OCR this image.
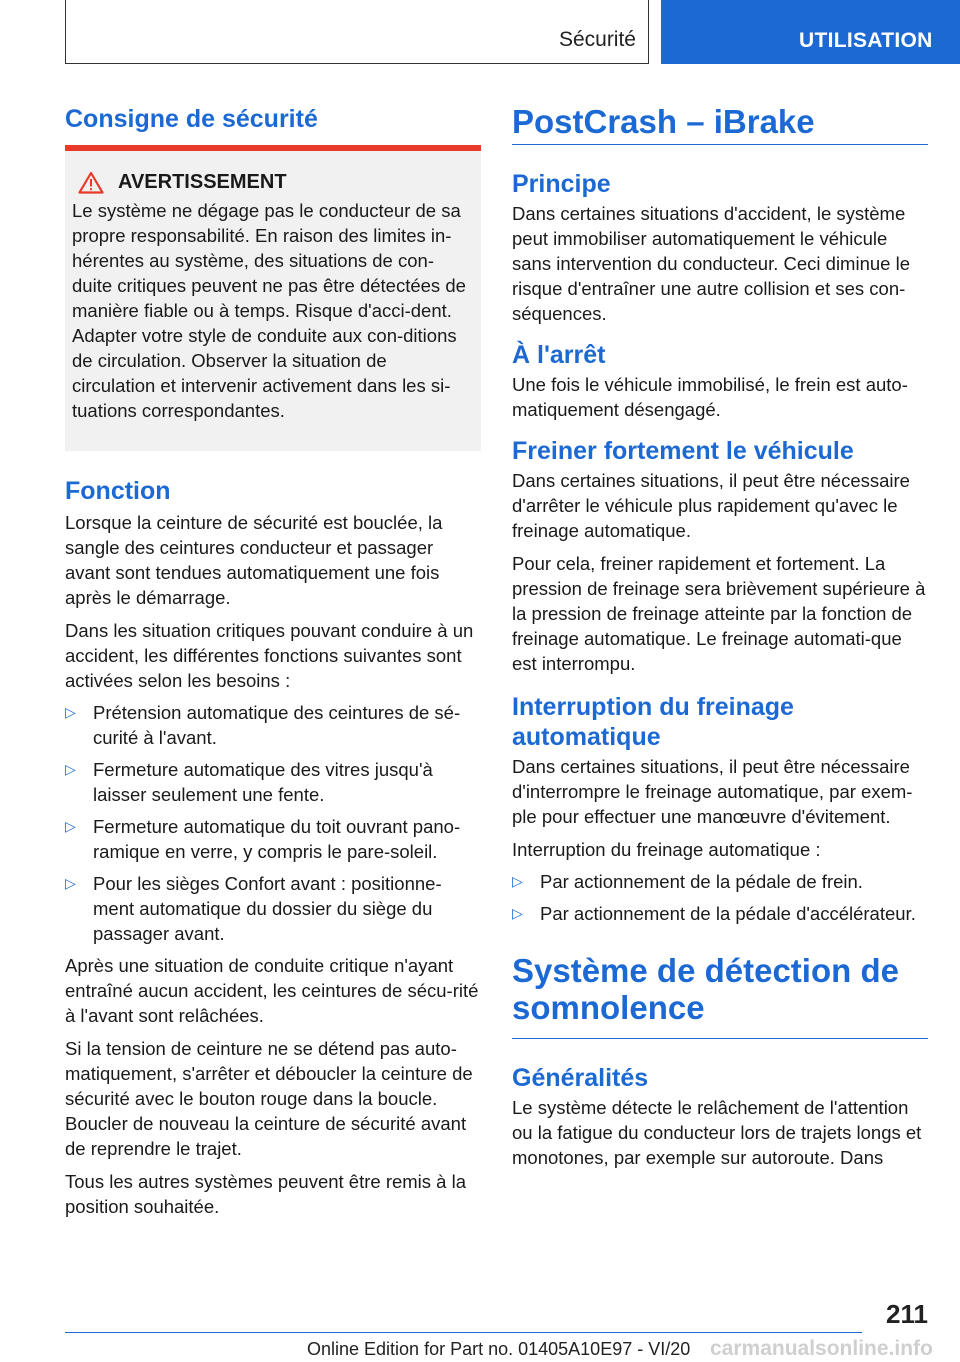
Sécurité	UTILISATION
Consigne de sécurité
AVERTISSEMENT

Le système ne dégage pas le conducteur de sa propre responsabilité. En raison des limites in-hérentes au système, des situations de con-duite critiques peuvent ne pas être détectées de manière fiable ou à temps. Risque d'acci-dent. Adapter votre style de conduite aux con-ditions de circulation. Observer la situation de circulation et intervenir activement dans les si-tuations correspondantes.

Fonction

Lorsque la ceinture de sécurité est bouclée, la sangle des ceintures conducteur et passager avant sont tendues automatiquement une fois après le démarrage.

Dans les situation critiques pouvant conduire à un accident, les différentes fonctions suivantes sont activées selon les besoins :

▷ Prétension automatique des ceintures de sé-curité à l'avant.

▷ Fermeture automatique des vitres jusqu'à laisser seulement une fente.

▷ Fermeture automatique du toit ouvrant pano-ramique en verre, y compris le pare-soleil.

▷ Pour les sièges Confort avant : positionne-ment automatique du dossier du siège du passager avant.

Après une situation de conduite critique n'ayant entraîné aucun accident, les ceintures de sécu-rité à l'avant sont relâchées.

Si la tension de ceinture ne se détend pas auto-matiquement, s'arrêter et déboucler la ceinture de sécurité avec le bouton rouge dans la boucle. Boucler de nouveau la ceinture de sécurité avant de reprendre le trajet.

Tous les autres systèmes peuvent être remis à la position souhaitée.

PostCrash – iBrake
Principe

Dans certaines situations d'accident, le système peut immobiliser automatiquement le véhicule sans intervention du conducteur. Ceci diminue le risque d'entraîner une autre collision et ses con-séquences.

À l'arrêt

Une fois le véhicule immobilisé, le frein est auto-matiquement désengagé.

Freiner fortement le véhicule

Dans certaines situations, il peut être nécessaire d'arrêter le véhicule plus rapidement qu'avec le freinage automatique.

Pour cela, freiner rapidement et fortement. La pression de freinage sera brièvement supérieure à la pression de freinage atteinte par la fonction de freinage automatique. Le freinage automati-que est interrompu.

Interruption du freinage automatique

Dans certaines situations, il peut être nécessaire d'interrompre le freinage automatique, par exem-ple pour effectuer une manœuvre d'évitement.

Interruption du freinage automatique :

▷ Par actionnement de la pédale de frein.

▷ Par actionnement de la pédale d'accélérateur.

Système de détection de somnolence
Généralités

Le système détecte le relâchement de l'attention ou la fatigue du conducteur lors de trajets longs et monotones, par exemple sur autoroute. Dans

211
Online Edition for Part no. 01405A10E97 - VI/20 carmanualsonline.info
